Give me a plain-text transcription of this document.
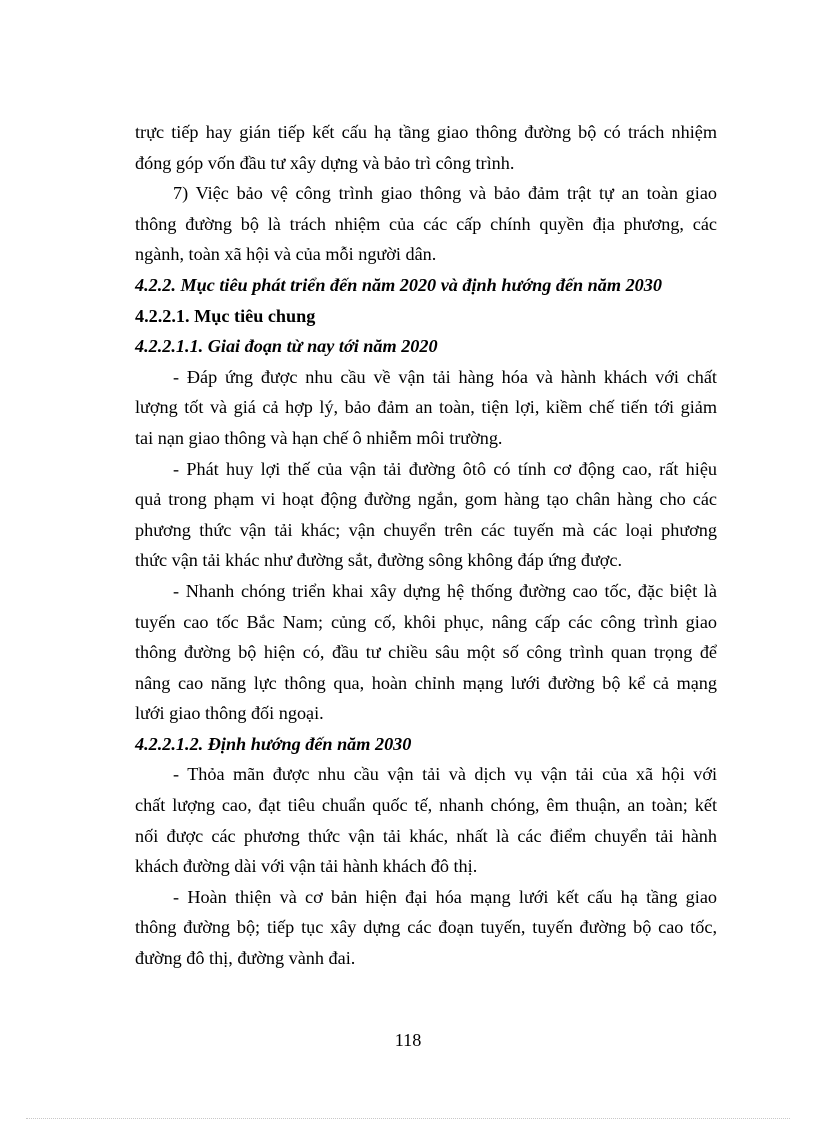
trực tiếp hay gián tiếp kết cấu hạ tầng giao thông đường bộ có trách nhiệm
đóng góp vốn đầu tư xây dựng và bảo trì công trình.
7) Việc bảo vệ công trình giao thông và bảo đảm trật tự an toàn giao
thông đường bộ là trách nhiệm của các cấp chính quyền địa phương, các
ngành, toàn xã hội và của mỗi người dân.
4.2.2. Mục tiêu phát triển đến năm 2020 và định hướng đến năm 2030
4.2.2.1. Mục tiêu chung
4.2.2.1.1. Giai đoạn từ nay tới năm 2020
- Đáp ứng được nhu cầu về vận tải hàng hóa và hành khách với chất
lượng tốt và giá cả hợp lý, bảo đảm an toàn, tiện lợi, kiềm chế tiến tới giảm
tai nạn giao thông và hạn chế ô nhiễm môi trường.
- Phát huy lợi thế của vận tải đường ôtô có tính cơ động cao, rất hiệu
quả trong phạm vi hoạt động đường ngắn, gom hàng tạo chân hàng cho các
phương thức vận tải khác; vận chuyển trên các tuyến mà các loại phương
thức vận tải khác như đường sắt, đường sông không đáp ứng được.
- Nhanh chóng triển khai xây dựng hệ thống đường cao tốc, đặc biệt là
tuyến cao tốc Bắc Nam; củng cố, khôi phục, nâng cấp các công trình giao
thông đường bộ hiện có, đầu tư chiều sâu một số công trình quan trọng để
nâng cao năng lực thông qua, hoàn chỉnh mạng lưới đường bộ kể cả mạng
lưới giao thông đối ngoại.
4.2.2.1.2. Định hướng đến năm 2030
- Thỏa mãn được nhu cầu vận tải và dịch vụ vận tải của xã hội với
chất lượng cao, đạt tiêu chuẩn quốc tế, nhanh chóng, êm thuận, an toàn; kết
nối được các phương thức vận tải khác, nhất là các điểm chuyển tải hành
khách đường dài với vận tải hành khách đô thị.
- Hoàn thiện và cơ bản hiện đại hóa mạng lưới kết cấu hạ tầng giao
thông đường bộ; tiếp tục xây dựng các đoạn tuyến, tuyến đường bộ cao tốc,
đường đô thị, đường vành đai.
118
